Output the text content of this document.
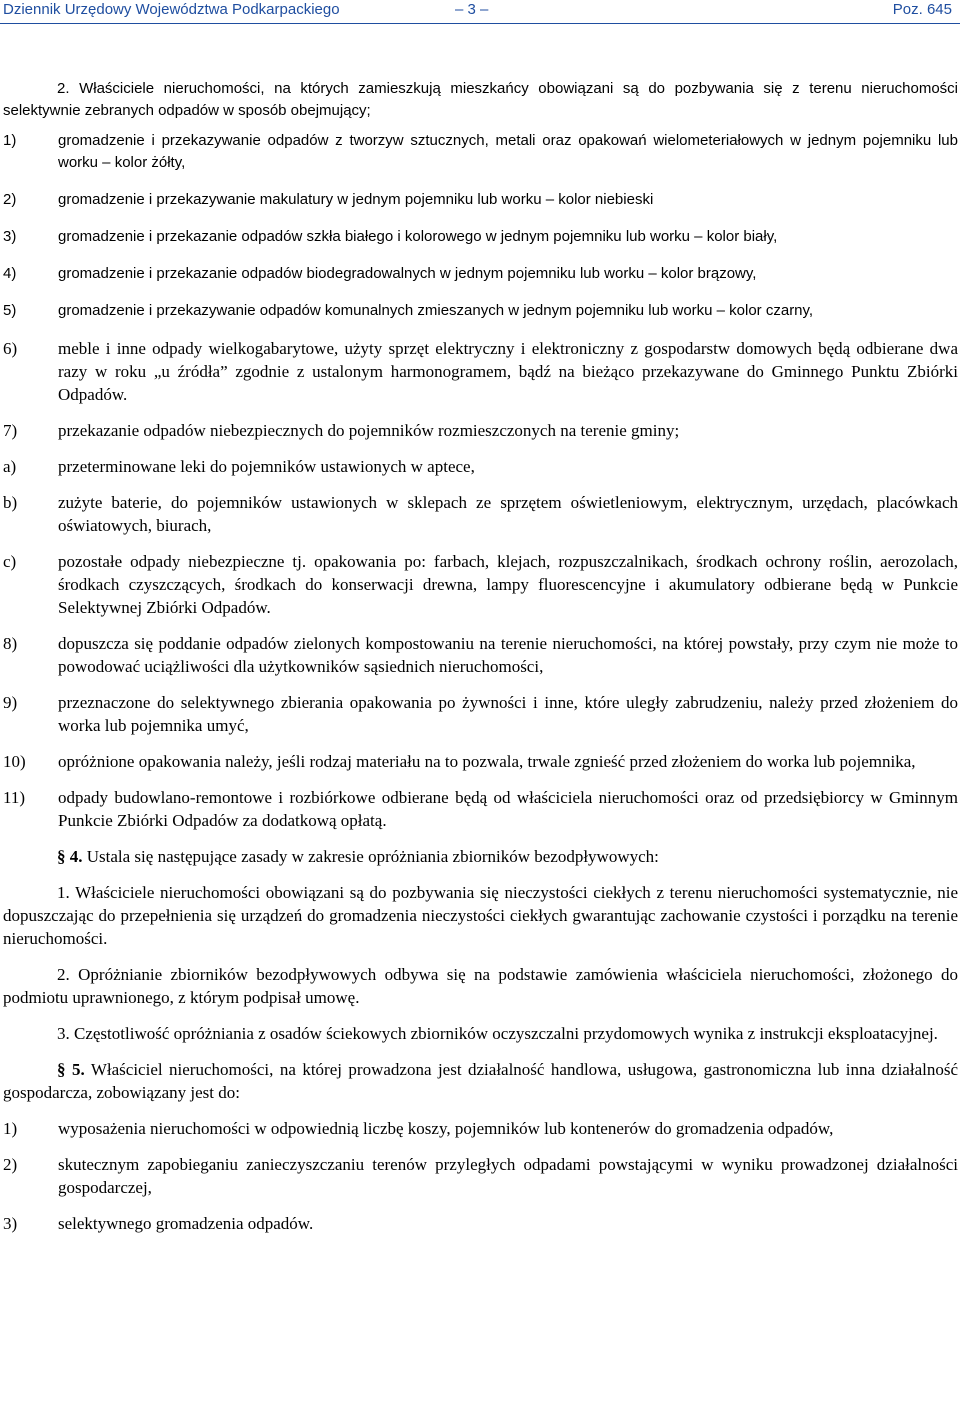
Dziennik Urzędowy Województwa Podkarpackiego	– 3 –	Poz. 645

2. Właściciele nieruchomości, na których zamieszkują mieszkańcy obowiązani są do pozbywania się z terenu nieruchomości selektywnie zebranych odpadów w sposób obejmujący;

1)	gromadzenie i przekazywanie odpadów z tworzyw sztucznych, metali oraz opakowań wielometeriałowych w jednym pojemniku lub worku – kolor żółty,
2)	gromadzenie i przekazywanie makulatury w jednym pojemniku lub worku – kolor niebieski
3)	gromadzenie i przekazanie odpadów szkła białego i kolorowego w jednym pojemniku lub worku – kolor biały,
4)	gromadzenie i przekazanie odpadów biodegradowalnych w jednym pojemniku lub worku – kolor brązowy,
5)	gromadzenie i przekazywanie odpadów komunalnych zmieszanych w jednym pojemniku lub worku – kolor czarny,
6)	meble i inne odpady wielkogabarytowe, użyty sprzęt elektryczny i elektroniczny z gospodarstw domowych będą odbierane dwa razy w roku „u źródła” zgodnie z ustalonym harmonogramem, bądź na bieżąco przekazywane do Gminnego Punktu Zbiórki Odpadów.
7)	przekazanie odpadów niebezpiecznych do pojemników rozmieszczonych na terenie gminy;
a)	przeterminowane leki do pojemników ustawionych w aptece,
b)	zużyte baterie, do pojemników ustawionych w sklepach ze sprzętem oświetleniowym, elektrycznym, urzędach, placówkach oświatowych, biurach,
c)	pozostałe odpady niebezpieczne tj. opakowania po: farbach, klejach, rozpuszczalnikach, środkach ochrony roślin, aerozolach, środkach czyszczących, środkach do konserwacji drewna, lampy fluorescencyjne i akumulatory odbierane będą w Punkcie Selektywnej Zbiórki Odpadów.
8)	dopuszcza się poddanie odpadów zielonych kompostowaniu na terenie nieruchomości, na której powstały, przy czym nie może to powodować uciążliwości dla użytkowników sąsiednich nieruchomości,
9)	przeznaczone do selektywnego zbierania opakowania po żywności i inne, które uległy zabrudzeniu, należy przed złożeniem do worka lub pojemnika umyć,
10)	opróżnione opakowania należy, jeśli rodzaj materiału na to pozwala, trwale zgnieść przed złożeniem do worka lub pojemnika,
11)	odpady budowlano-remontowe i rozbiórkowe odbierane będą od właściciela nieruchomości oraz od przedsiębiorcy w Gminnym Punkcie Zbiórki Odpadów za dodatkową opłatą.

§ 4. Ustala się następujące zasady w zakresie opróżniania zbiorników bezodpływowych:

1. Właściciele nieruchomości obowiązani są do pozbywania się nieczystości ciekłych z terenu nieruchomości systematycznie, nie dopuszczając do przepełnienia się urządzeń do gromadzenia nieczystości ciekłych gwarantując zachowanie czystości i porządku na terenie nieruchomości.

2. Opróżnianie zbiorników bezodpływowych odbywa się na podstawie zamówienia właściciela nieruchomości, złożonego do podmiotu uprawnionego, z którym podpisał umowę.

3. Częstotliwość opróżniania z osadów ściekowych zbiorników oczyszczalni przydomowych wynika z instrukcji eksploatacyjnej.

§ 5. Właściciel nieruchomości, na której prowadzona jest działalność handlowa, usługowa, gastronomiczna lub inna działalność gospodarcza, zobowiązany jest do:

1)	wyposażenia nieruchomości w odpowiednią liczbę koszy, pojemników lub kontenerów do gromadzenia odpadów,
2)	skutecznym zapobieganiu zanieczyszczaniu terenów przyległych odpadami powstającymi w wyniku prowadzonej działalności gospodarczej,
3)	selektywnego gromadzenia odpadów.
